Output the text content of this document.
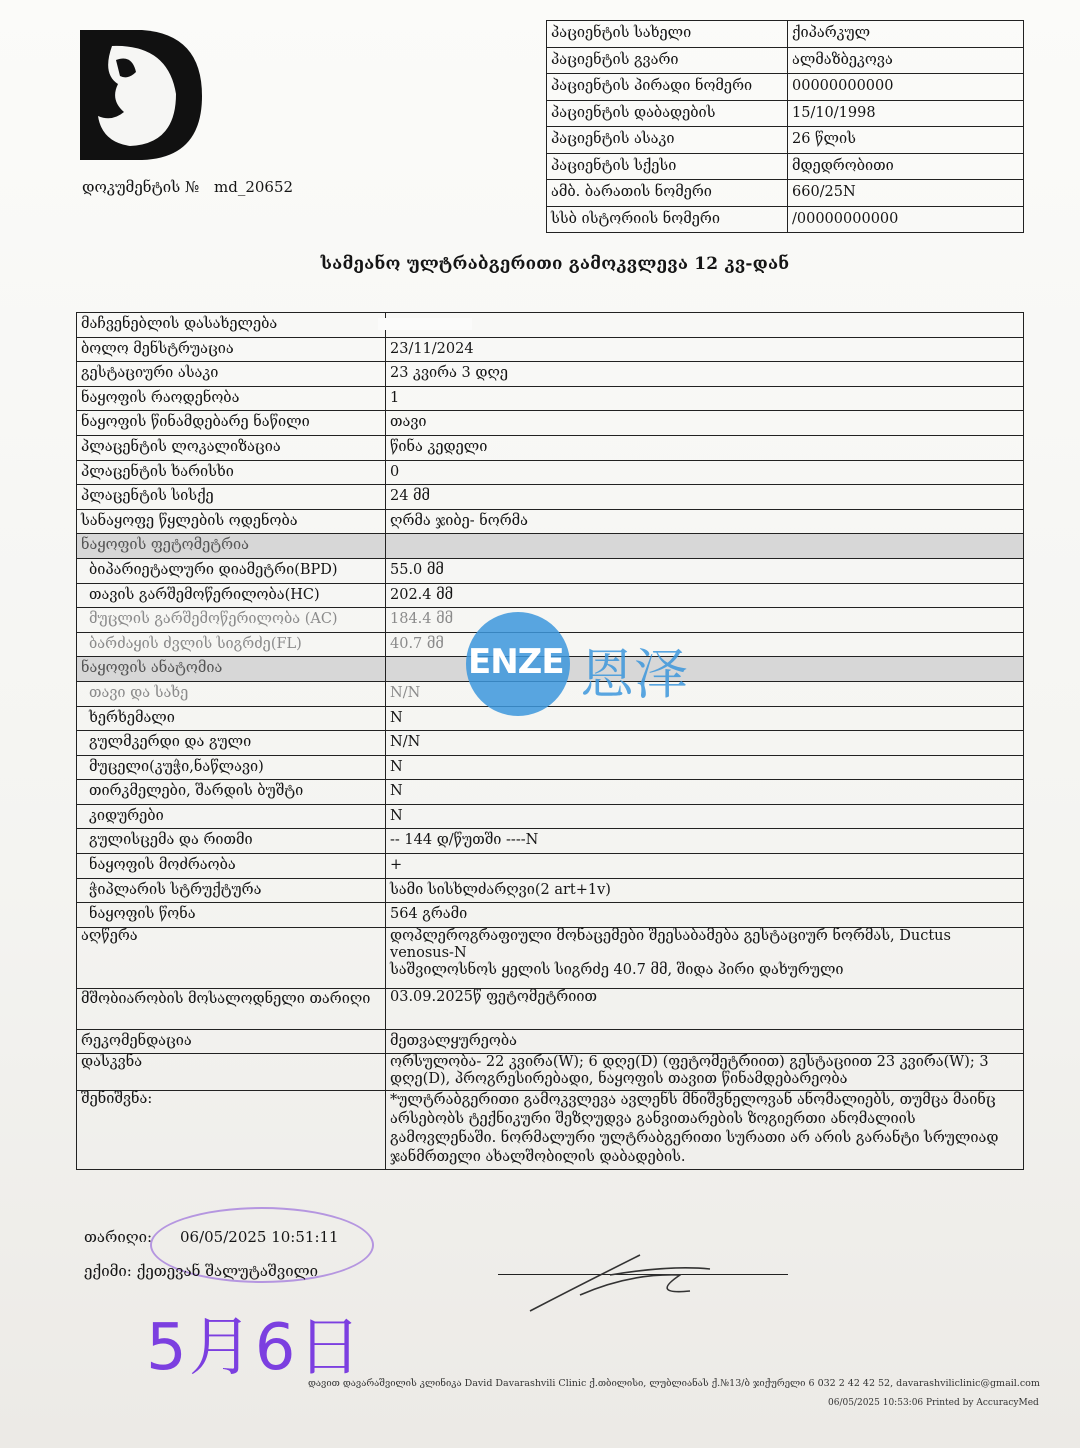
დოკუმენტის № md_20652
პაციენტის სახელი	ქიპარკულ
პაციენტის გვარი	ალმაზბეკოვა
პაციენტის პირადი ნომერი	00000000000
პაციენტის დაბადების	15/10/1998
პაციენტის ასაკი	26 წლის
პაციენტის სქესი	მდედრობითი
ამბ. ბარათის ნომერი	660/25N
სსბ ისტორიის ნომერი	/00000000000
სამეანო ულტრაბგერითი გამოკვლევა 12 კვ-დან
მაჩვენებლის დასახელება	
ბოლო მენსტრუაცია	23/11/2024
გესტაციური ასაკი	23 კვირა 3 დღე
ნაყოფის რაოდენობა	1
ნაყოფის წინამდებარე ნაწილი	თავი
პლაცენტის ლოკალიზაცია	წინა კედელი
პლაცენტის ხარისხი	0
პლაცენტის სისქე	24 მმ
სანაყოფე წყლების ოდენობა	ღრმა ჯიბე- ნორმა
ნაყოფის ფეტომეტრია	
ბიპარიეტალური დიამეტრი(BPD)	55.0 მმ
თავის გარშემოწერილობა(HC)	202.4 მმ
მუცლის გარშემოწერილობა (AC)	184.4 მმ
ბარძაყის ძვლის სიგრძე(FL)	40.7 მმ
ნაყოფის ანატომია	
თავი და სახე	N/N
ხერხემალი	N
გულმკერდი და გული	N/N
მუცელი(კუჭი,ნაწლავი)	N
თირკმელები, შარდის ბუშტი	N
კიდურები	N
გულისცემა და რითმი	-- 144 დ/წუთში ----N
ნაყოფის მოძრაობა	+
ჭიპლარის სტრუქტურა	სამი სისხლძარღვი(2 art+1v)
ნაყოფის წონა	564 გრამი
აღწერა	დოპლეროგრაფიული მონაცემები შეესაბამება გესტაციურ ნორმას, Ductus venosus-N
საშვილოსნოს ყელის სიგრძე 40.7 მმ, შიდა პირი დახურული

მშობიარობის მოსალოდნელი თარიღი	03.09.2025წ ფეტომეტრიით
რეკომენდაცია	მეთვალყურეობა
დასკვნა	ორსულობა- 22 კვირა(W); 6 დღე(D) (ფეტომეტრიით) გესტაციით 23 კვირა(W); 3 დღე(D), პროგრესირებადი, ნაყოფის თავით წინამდებარეობა
შენიშვნა:	*ულტრაბგერითი გამოკვლევა ავლენს მნიშვნელოვან ანომალიებს, თუმცა მაინც არსებობს ტექნიკური შეზღუდვა განვითარების ზოგიერთი ანომალიის გამოვლენაში. ნორმალური ულტრაბგერითი სურათი არ არის გარანტი სრულიად ჯანმრთელი ახალშობილის დაბადების.
ENZE 恩泽
თარიღი: 06/05/2025 10:51:11
ექიმი: ქეთევან შალუტაშვილი
5月6日
დავით დავარაშვილის კლინიკა David Davarashvili Clinic ქ.თბილისი, ლუბლიანას ქ.№13/ბ ჯიქურელი 6 032 2 42 42 52, davarashviliclinic@gmail.com
06/05/2025 10:53:06 Printed by AccuracyMed
